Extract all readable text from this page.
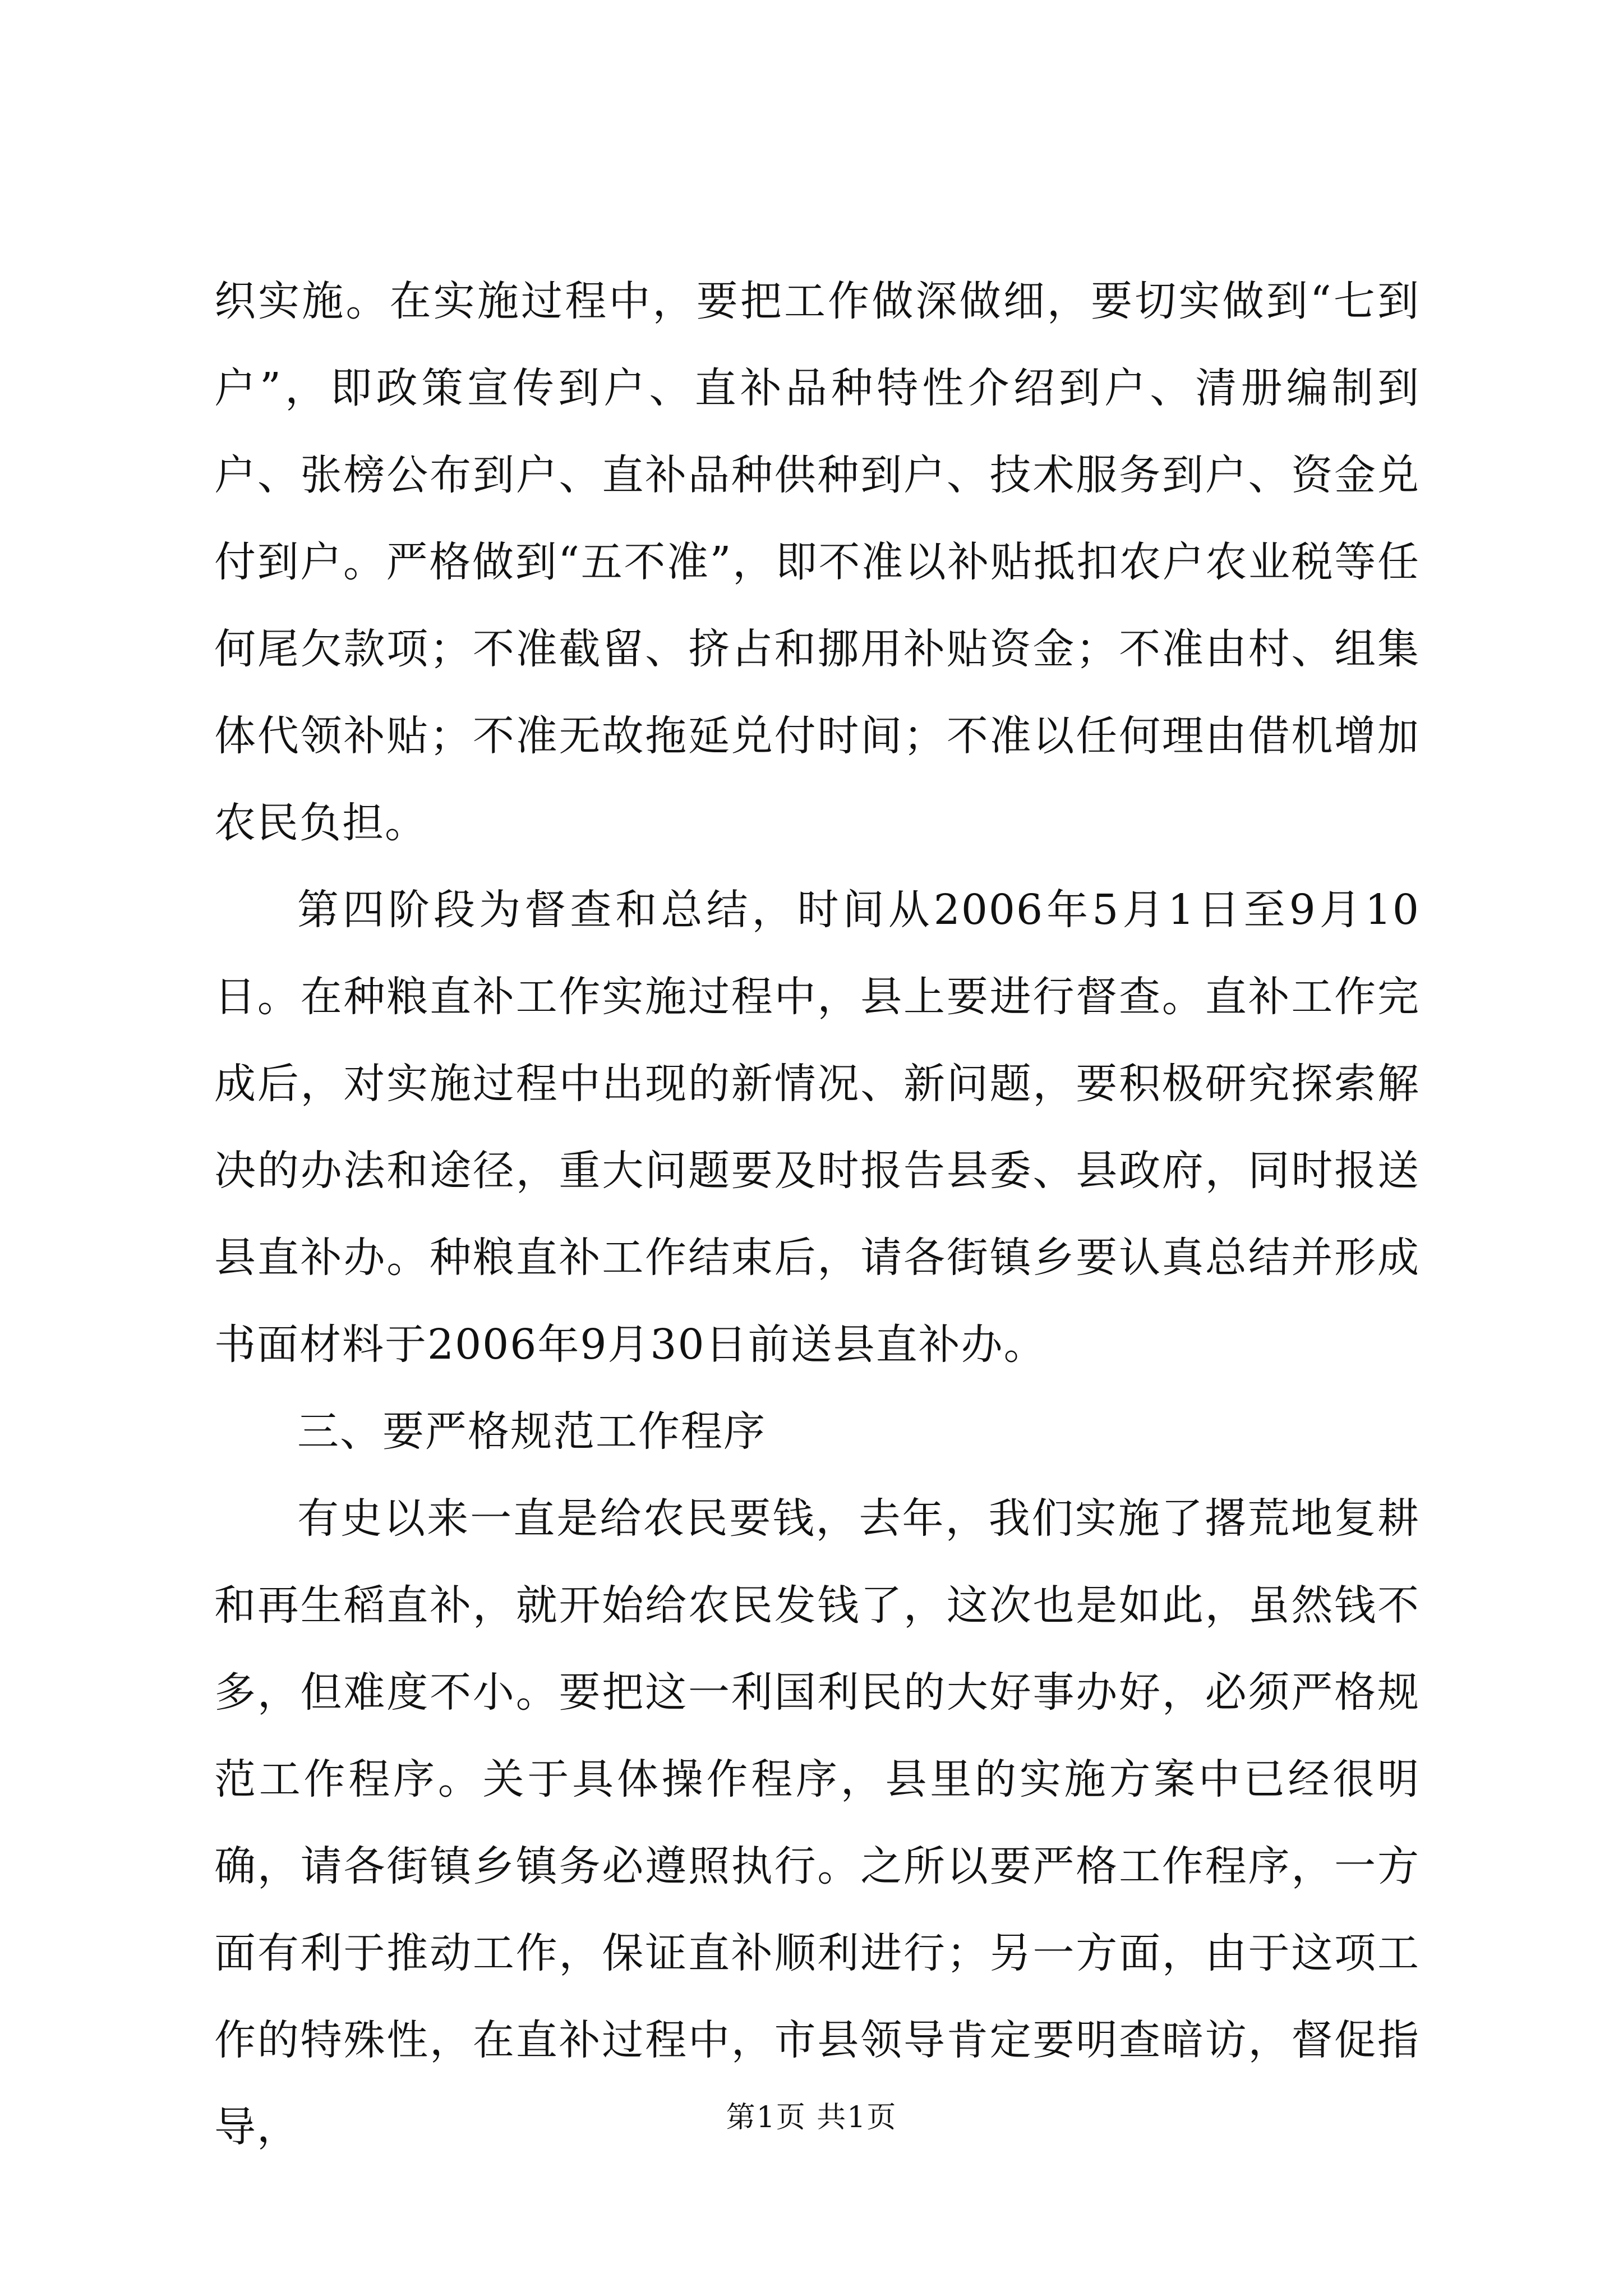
织实施。在实施过程中，要把工作做深做细，要切实做到“七到户”，即政策宣传到户、直补品种特性介绍到户、清册编制到户、张榜公布到户、直补品种供种到户、技术服务到户、资金兑付到户。严格做到“五不准”，即不准以补贴抵扣农户农业税等任何尾欠款项；不准截留、挤占和挪用补贴资金；不准由村、组集体代领补贴；不准无故拖延兑付时间；不准以任何理由借机增加农民负担。

第四阶段为督查和总结，时间从2006年5月1日至9月10日。在种粮直补工作实施过程中，县上要进行督查。直补工作完成后，对实施过程中出现的新情况、新问题，要积极研究探索解决的办法和途径，重大问题要及时报告县委、县政府，同时报送县直补办。种粮直补工作结束后，请各街镇乡要认真总结并形成书面材料于2006年9月30日前送县直补办。

三、要严格规范工作程序

有史以来一直是给农民要钱，去年，我们实施了撂荒地复耕和再生稻直补，就开始给农民发钱了，这次也是如此，虽然钱不多，但难度不小。要把这一利国利民的大好事办好，必须严格规范工作程序。关于具体操作程序，县里的实施方案中已经很明确，请各街镇乡镇务必遵照执行。之所以要严格工作程序，一方面有利于推动工作，保证直补顺利进行；另一方面，由于这项工作的特殊性，在直补过程中，市县领导肯定要明查暗访，督促指导，	第1页 共1页
